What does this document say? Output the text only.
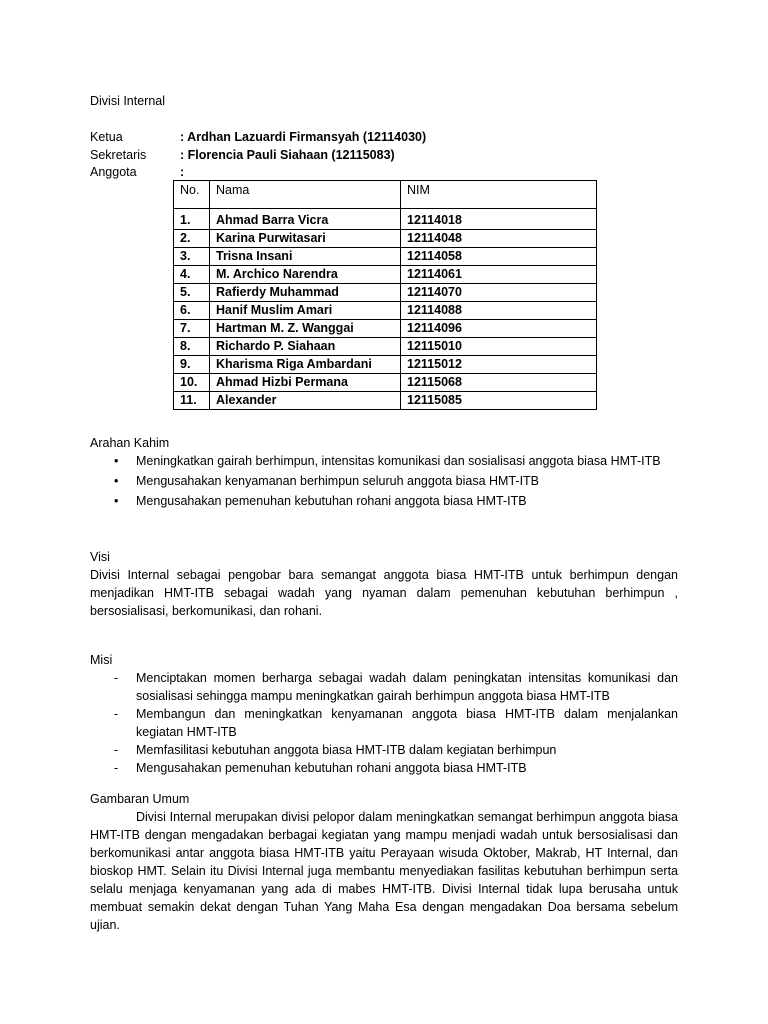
Divisi Internal
Ketua	: Ardhan Lazuardi Firmansyah (12114030)
Sekretaris	: Florencia Pauli Siahaan (12115083)
Anggota	:
No.	Nama	NIM
1.	Ahmad Barra Vicra	12114018
2.	Karina Purwitasari	12114048
3.	Trisna Insani	12114058
4.	M. Archico Narendra	12114061
5.	Rafierdy Muhammad	12114070
6.	Hanif Muslim Amari	12114088
7.	Hartman M. Z. Wanggai	12114096
8.	Richardo P. Siahaan	12115010
9.	Kharisma Riga Ambardani	12115012
10.	Ahmad Hizbi Permana	12115068
11.	Alexander	12115085
Arahan Kahim
• Meningkatkan gairah berhimpun, intensitas komunikasi dan sosialisasi anggota biasa HMT-ITB
• Mengusahakan kenyamanan berhimpun seluruh anggota biasa HMT-ITB
• Mengusahakan pemenuhan kebutuhan rohani anggota biasa HMT-ITB
Visi
Divisi Internal sebagai pengobar bara semangat anggota biasa HMT-ITB untuk berhimpun dengan menjadikan HMT-ITB sebagai wadah yang nyaman dalam pemenuhan kebutuhan berhimpun , bersosialisasi, berkomunikasi, dan rohani.
Misi
- Menciptakan momen berharga sebagai wadah dalam peningkatan intensitas komunikasi dan sosialisasi sehingga mampu meningkatkan gairah berhimpun anggota biasa HMT-ITB
- Membangun dan meningkatkan kenyamanan anggota biasa HMT-ITB dalam menjalankan kegiatan HMT-ITB
- Memfasilitasi kebutuhan anggota biasa HMT-ITB dalam kegiatan berhimpun
- Mengusahakan pemenuhan kebutuhan rohani anggota biasa HMT-ITB
Gambaran Umum
Divisi Internal merupakan divisi pelopor dalam meningkatkan semangat berhimpun anggota biasa HMT-ITB dengan mengadakan berbagai kegiatan yang mampu menjadi wadah untuk bersosialisasi dan berkomunikasi antar anggota biasa HMT-ITB yaitu Perayaan wisuda Oktober, Makrab, HT Internal, dan bioskop HMT. Selain itu Divisi Internal juga membantu menyediakan fasilitas kebutuhan berhimpun serta selalu menjaga kenyamanan yang ada di mabes HMT-ITB. Divisi Internal tidak lupa berusaha untuk membuat semakin dekat dengan Tuhan Yang Maha Esa dengan mengadakan Doa bersama sebelum ujian.
